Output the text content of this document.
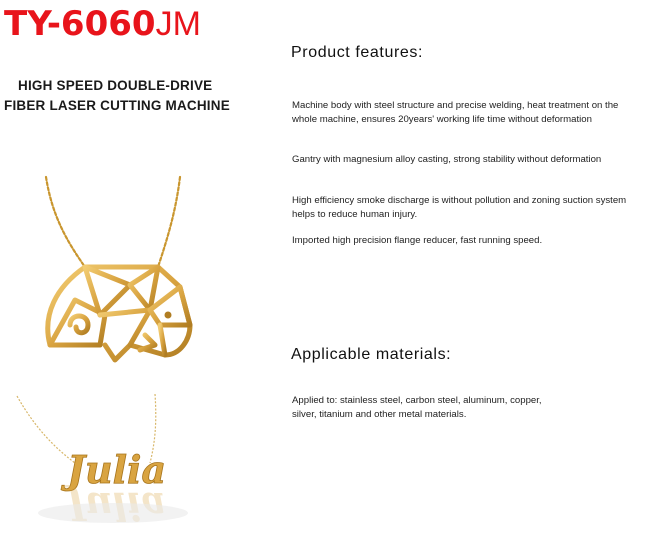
TY-6060JM
HIGH SPEED DOUBLE-DRIVE
FIBER LASER CUTTING MACHINE
Product features:
Machine body with steel structure and precise welding, heat treatment on the whole machine, ensures 20years' working life time without deformation
Gantry with magnesium alloy casting, strong stability without deformation
High efficiency smoke discharge is without pollution and zoning suction system helps to reduce human injury.
Imported high precision flange reducer, fast running speed.
Applicable materials:
Applied to: stainless steel, carbon steel, aluminum, copper, silver, titanium and other metal materials.
Julia
